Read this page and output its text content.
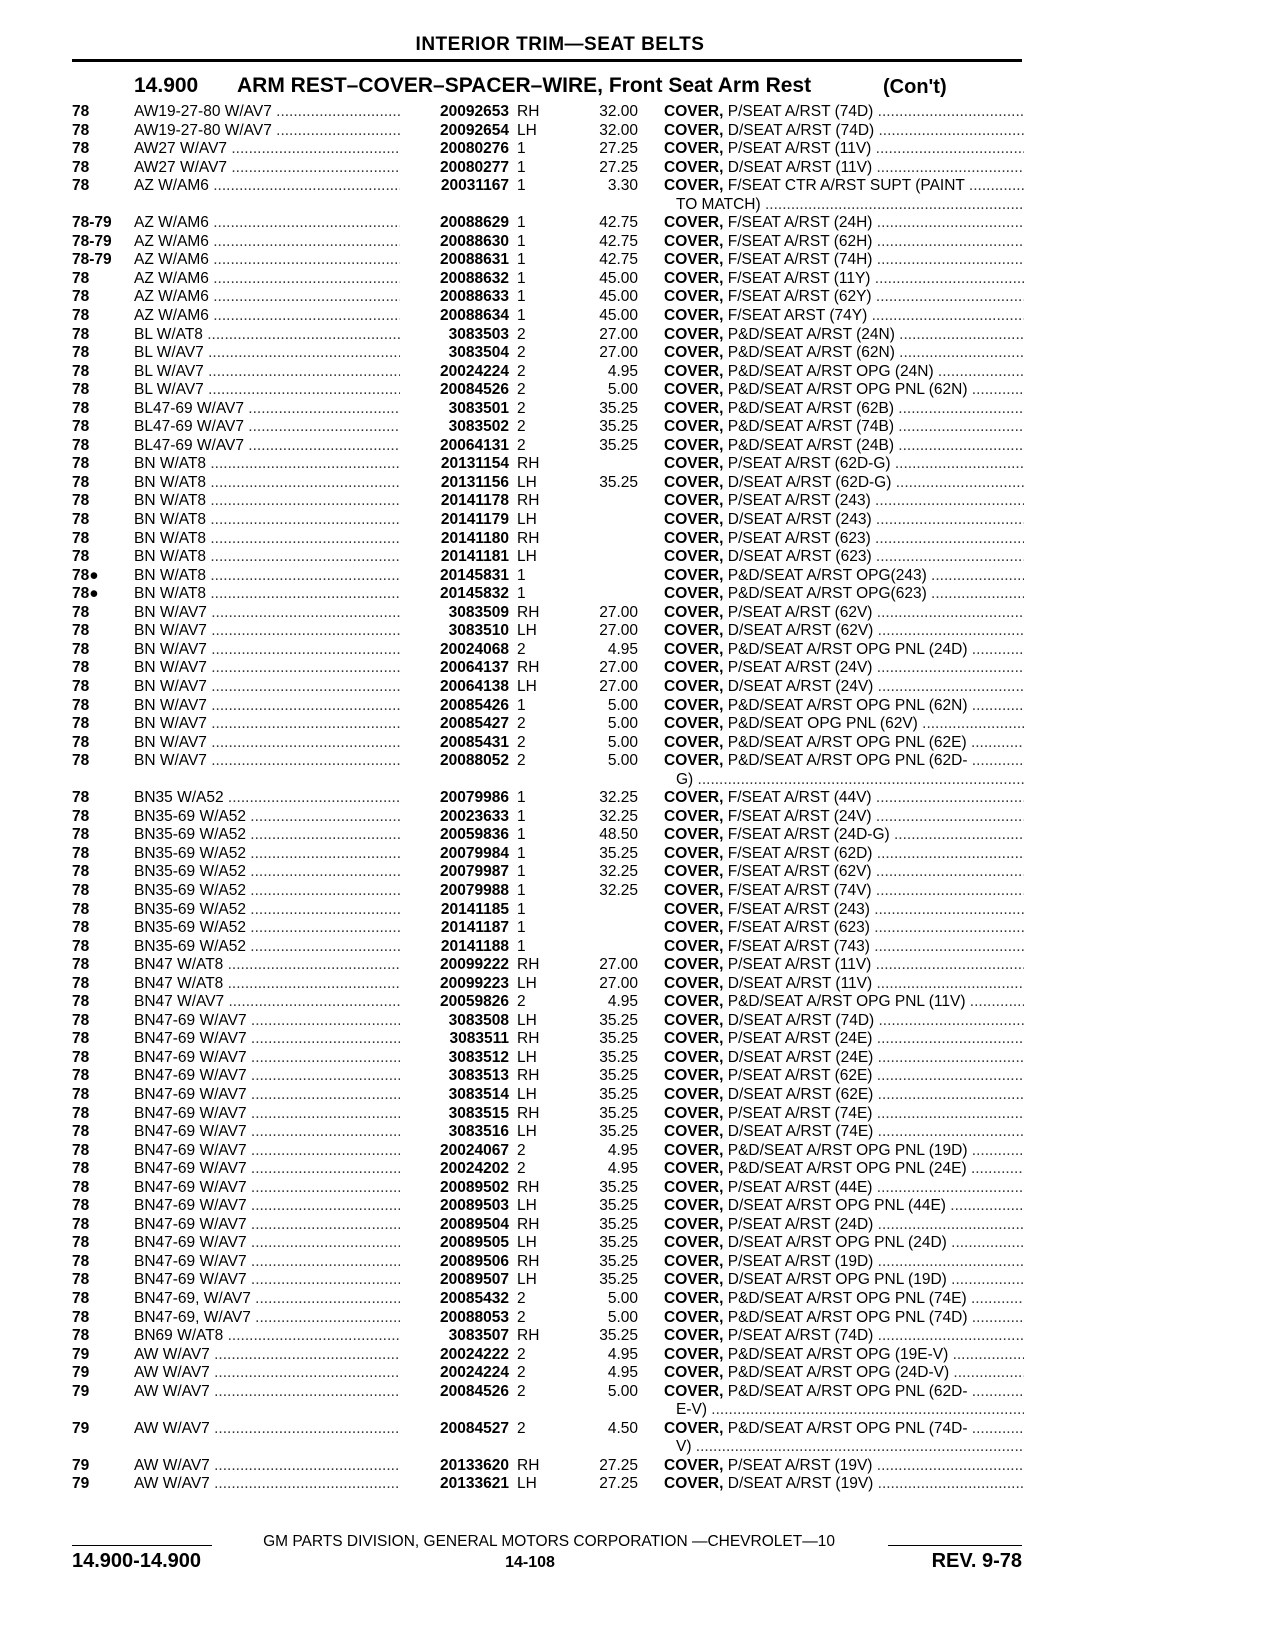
INTERIOR TRIM—SEAT BELTS
14.900 ARM REST–COVER–SPACER–WIRE, Front Seat Arm Rest	(Con't)
78	AW19-27-80 W/AV7 .....	20092653 RH	32.00 COVER, P/SEAT A/RST (74D) .....
78	AW19-27-80 W/AV7 .....	20092654 LH	32.00 COVER, D/SEAT A/RST (74D) .....
78	AW27 W/AV7 .....	20080276 1	27.25 COVER, P/SEAT A/RST (11V) .....
78	AW27 W/AV7 .....	20080277 1	27.25 COVER, D/SEAT A/RST (11V) .....
78	AZ W/AM6 .....	20031167 1	3.30 COVER, F/SEAT CTR A/RST SUPT (PAINT .....
TO MATCH) .....
78-79	AZ W/AM6 .....	20088629 1	42.75 COVER, F/SEAT A/RST (24H) .....
78-79	AZ W/AM6 .....	20088630 1	42.75 COVER, F/SEAT A/RST (62H) .....
78-79	AZ W/AM6 .....	20088631 1	42.75 COVER, F/SEAT A/RST (74H) .....
78	AZ W/AM6 .....	20088632 1	45.00 COVER, F/SEAT A/RST (11Y) .....
78	AZ W/AM6 .....	20088633 1	45.00 COVER, F/SEAT A/RST (62Y) .....
78	AZ W/AM6 .....	20088634 1	45.00 COVER, F/SEAT ARST (74Y) .....
78	BL W/AT8 .....	3083503 2	27.00 COVER, P&D/SEAT A/RST (24N) .....
78	BL W/AV7 .....	3083504 2	27.00 COVER, P&D/SEAT A/RST (62N) .....
78	BL W/AV7 .....	20024224 2	4.95 COVER, P&D/SEAT A/RST OPG (24N) .....
78	BL W/AV7 .....	20084526 2	5.00 COVER, P&D/SEAT A/RST OPG PNL (62N) .....
78	BL47-69 W/AV7 .....	3083501 2	35.25 COVER, P&D/SEAT A/RST (62B) .....
78	BL47-69 W/AV7 .....	3083502 2	35.25 COVER, P&D/SEAT A/RST (74B) .....
78	BL47-69 W/AV7 .....	20064131 2	35.25 COVER, P&D/SEAT A/RST (24B) .....
78	BN W/AT8 .....	20131154 RH	COVER, P/SEAT A/RST (62D-G) .....
78	BN W/AT8 .....	20131156 LH	35.25 COVER, D/SEAT A/RST (62D-G) .....
78	BN W/AT8 .....	20141178 RH	COVER, P/SEAT A/RST (243) .....
78	BN W/AT8 .....	20141179 LH	COVER, D/SEAT A/RST (243) .....
78	BN W/AT8 .....	20141180 RH	COVER, P/SEAT A/RST (623) .....
78	BN W/AT8 .....	20141181 LH	COVER, D/SEAT A/RST (623) .....
78●	BN W/AT8 .....	20145831 1	COVER, P&D/SEAT A/RST OPG(243) .....
78●	BN W/AT8 .....	20145832 1	COVER, P&D/SEAT A/RST OPG(623) .....
78	BN W/AV7 .....	3083509 RH	27.00 COVER, P/SEAT A/RST (62V) .....
78	BN W/AV7 .....	3083510 LH	27.00 COVER, D/SEAT A/RST (62V) .....
78	BN W/AV7 .....	20024068 2	4.95 COVER, P&D/SEAT A/RST OPG PNL (24D) .....
78	BN W/AV7 .....	20064137 RH	27.00 COVER, P/SEAT A/RST (24V) .....
78	BN W/AV7 .....	20064138 LH	27.00 COVER, D/SEAT A/RST (24V) .....
78	BN W/AV7 .....	20085426 1	5.00 COVER, P&D/SEAT A/RST OPG PNL (62N) .....
78	BN W/AV7 .....	20085427 2	5.00 COVER, P&D/SEAT OPG PNL (62V) .....
78	BN W/AV7 .....	20085431 2	5.00 COVER, P&D/SEAT A/RST OPG PNL (62E) .....
78	BN W/AV7 .....	20088052 2	5.00 COVER, P&D/SEAT A/RST OPG PNL (62D- .....
G) .....
78	BN35 W/A52 .....	20079986 1	32.25 COVER, F/SEAT A/RST (44V) .....
78	BN35-69 W/A52 .....	20023633 1	32.25 COVER, F/SEAT A/RST (24V) .....
78	BN35-69 W/A52 .....	20059836 1	48.50 COVER, F/SEAT A/RST (24D-G) .....
78	BN35-69 W/A52 .....	20079984 1	35.25 COVER, F/SEAT A/RST (62D) .....
78	BN35-69 W/A52 .....	20079987 1	32.25 COVER, F/SEAT A/RST (62V) .....
78	BN35-69 W/A52 .....	20079988 1	32.25 COVER, F/SEAT A/RST (74V) .....
78	BN35-69 W/A52 .....	20141185 1	COVER, F/SEAT A/RST (243) .....
78	BN35-69 W/A52 .....	20141187 1	COVER, F/SEAT A/RST (623) .....
78	BN35-69 W/A52 .....	20141188 1	COVER, F/SEAT A/RST (743) .....
78	BN47 W/AT8 .....	20099222 RH	27.00 COVER, P/SEAT A/RST (11V) .....
78	BN47 W/AT8 .....	20099223 LH	27.00 COVER, D/SEAT A/RST (11V) .....
78	BN47 W/AV7 .....	20059826 2	4.95 COVER, P&D/SEAT A/RST OPG PNL (11V) .....
78	BN47-69 W/AV7 .....	3083508 LH	35.25 COVER, D/SEAT A/RST (74D) .....
78	BN47-69 W/AV7 .....	3083511 RH	35.25 COVER, P/SEAT A/RST (24E) .....
78	BN47-69 W/AV7 .....	3083512 LH	35.25 COVER, D/SEAT A/RST (24E) .....
78	BN47-69 W/AV7 .....	3083513 RH	35.25 COVER, P/SEAT A/RST (62E) .....
78	BN47-69 W/AV7 .....	3083514 LH	35.25 COVER, D/SEAT A/RST (62E) .....
78	BN47-69 W/AV7 .....	3083515 RH	35.25 COVER, P/SEAT A/RST (74E) .....
78	BN47-69 W/AV7 .....	3083516 LH	35.25 COVER, D/SEAT A/RST (74E) .....
78	BN47-69 W/AV7 .....	20024067 2	4.95 COVER, P&D/SEAT A/RST OPG PNL (19D) .....
78	BN47-69 W/AV7 .....	20024202 2	4.95 COVER, P&D/SEAT A/RST OPG PNL (24E) .....
78	BN47-69 W/AV7 .....	20089502 RH	35.25 COVER, P/SEAT A/RST (44E) .....
78	BN47-69 W/AV7 .....	20089503 LH	35.25 COVER, D/SEAT A/RST OPG PNL (44E) .....
78	BN47-69 W/AV7 .....	20089504 RH	35.25 COVER, P/SEAT A/RST (24D) .....
78	BN47-69 W/AV7 .....	20089505 LH	35.25 COVER, D/SEAT A/RST OPG PNL (24D) .....
78	BN47-69 W/AV7 .....	20089506 RH	35.25 COVER, P/SEAT A/RST (19D) .....
78	BN47-69 W/AV7 .....	20089507 LH	35.25 COVER, D/SEAT A/RST OPG PNL (19D) .....
78	BN47-69, W/AV7 .....	20085432 2	5.00 COVER, P&D/SEAT A/RST OPG PNL (74E) .....
78	BN47-69, W/AV7 .....	20088053 2	5.00 COVER, P&D/SEAT A/RST OPG PNL (74D) .....
78	BN69 W/AT8 .....	3083507 RH	35.25 COVER, P/SEAT A/RST (74D) .....
79	AW W/AV7 .....	20024222 2	4.95 COVER, P&D/SEAT A/RST OPG (19E-V) .....
79	AW W/AV7 .....	20024224 2	4.95 COVER, P&D/SEAT A/RST OPG (24D-V) .....
79	AW W/AV7 .....	20084526 2	5.00 COVER, P&D/SEAT A/RST OPG PNL (62D- .....
E-V) .....
79	AW W/AV7 .....	20084527 2	4.50 COVER, P&D/SEAT A/RST OPG PNL (74D- .....
V) .....
79	AW W/AV7 .....	20133620 RH	27.25 COVER, P/SEAT A/RST (19V) .....
79	AW W/AV7 .....	20133621 LH	27.25 COVER, D/SEAT A/RST (19V) .....
GM PARTS DIVISION, GENERAL MOTORS CORPORATION —CHEVROLET—10
14.900-14.900	14-108	REV. 9-78
